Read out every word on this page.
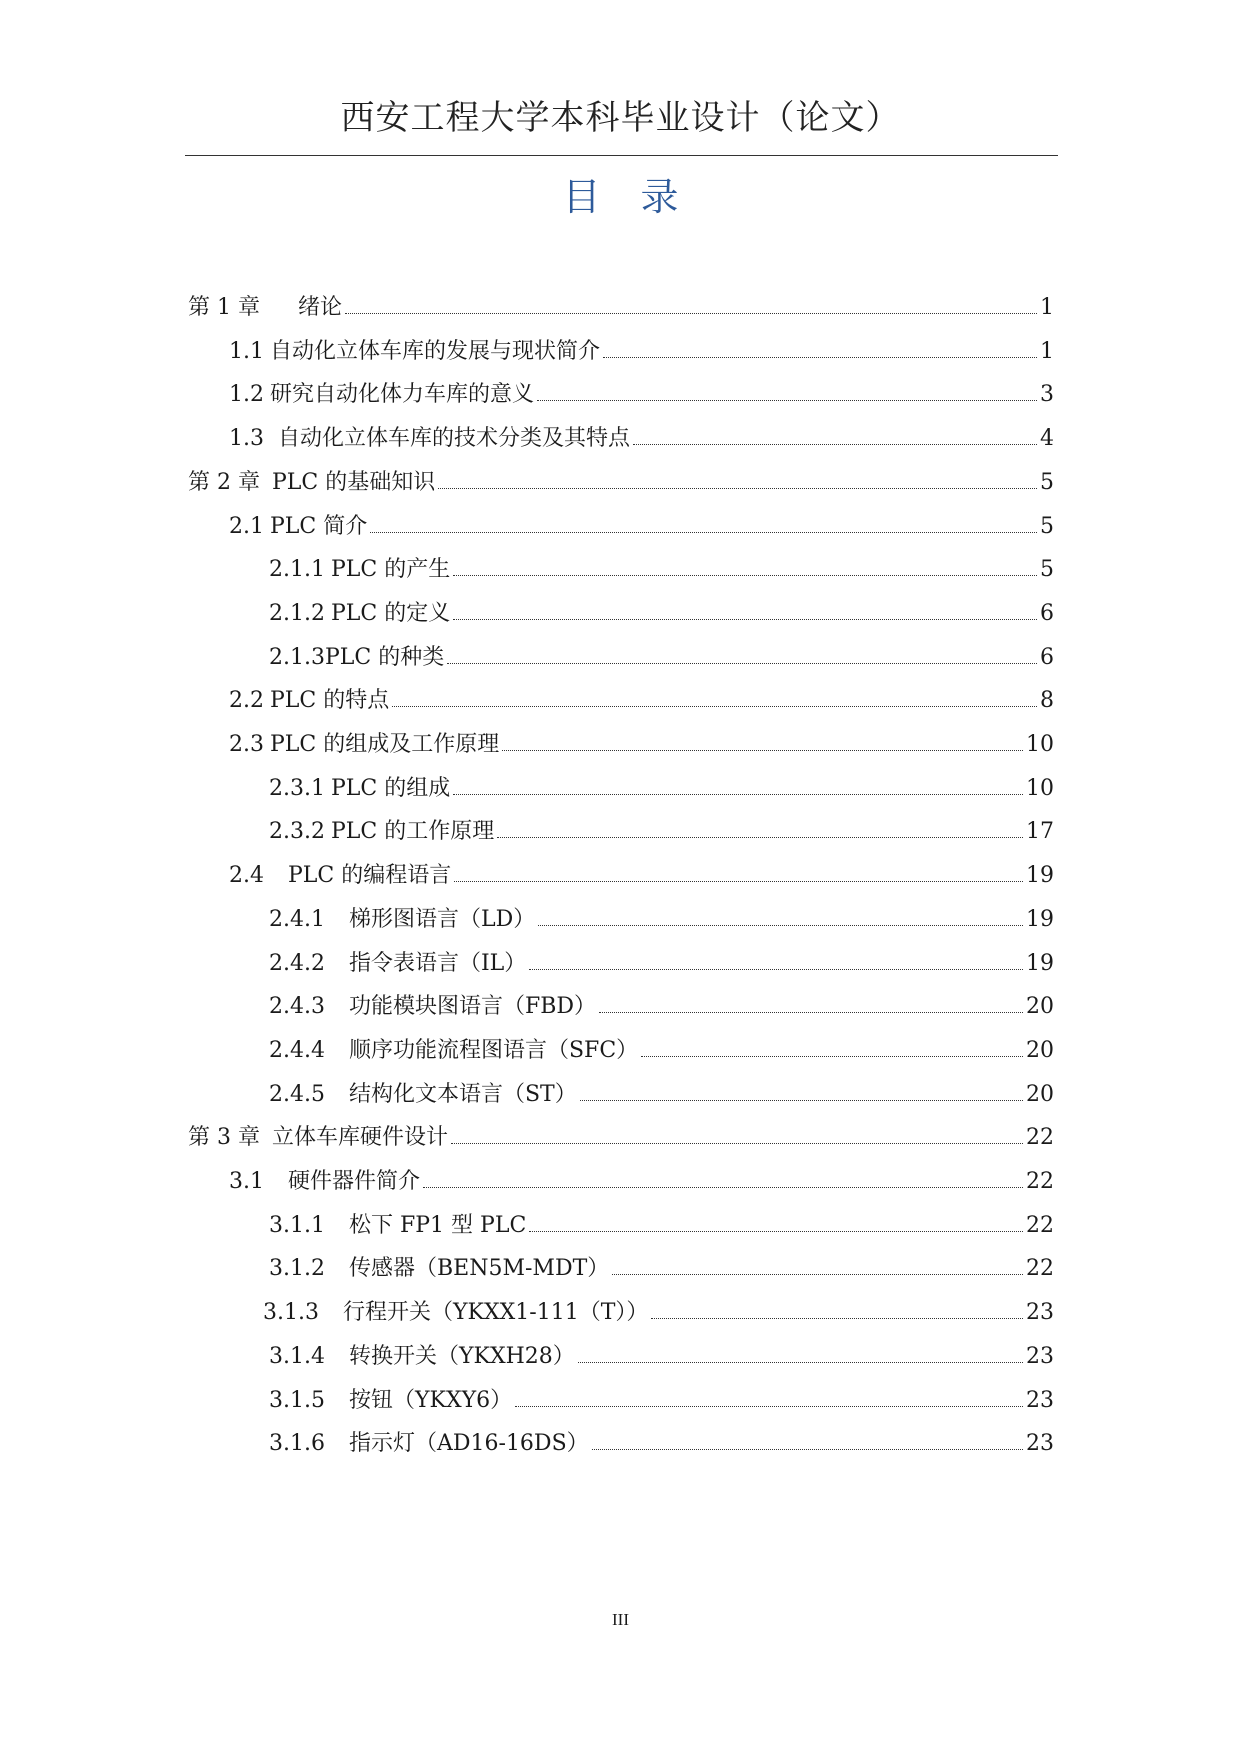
西安工程大学本科毕业设计（论文）
目 录
第 1 章 绪论	1
1.1 自动化立体车库的发展与现状简介	1
1.2 研究自动化体力车库的意义	3
1.3 自动化立体车库的技术分类及其特点	4
第 2 章 PLC 的基础知识	5
2.1 PLC 简介	5
2.1.1 PLC 的产生	5
2.1.2 PLC 的定义	6
2.1.3 PLC 的种类	6
2.2 PLC 的特点	8
2.3 PLC 的组成及工作原理	10
2.3.1 PLC 的组成	10
2.3.2 PLC 的工作原理	17
2.4 PLC 的编程语言	19
2.4.1 梯形图语言（LD）	19
2.4.2 指令表语言（IL）	19
2.4.3 功能模块图语言（FBD）	20
2.4.4 顺序功能流程图语言（SFC）	20
2.4.5 结构化文本语言（ST）	20
第 3 章 立体车库硬件设计	22
3.1 硬件器件简介	22
3.1.1 松下 FP1 型 PLC	22
3.1.2 传感器（BEN5M-MDT）	22
3.1.3 行程开关（YKXX1-111（T））	23
3.1.4 转换开关（YKXH28）	23
3.1.5 按钮（YKXY6）	23
3.1.6 指示灯（AD16-16DS）	23
III
